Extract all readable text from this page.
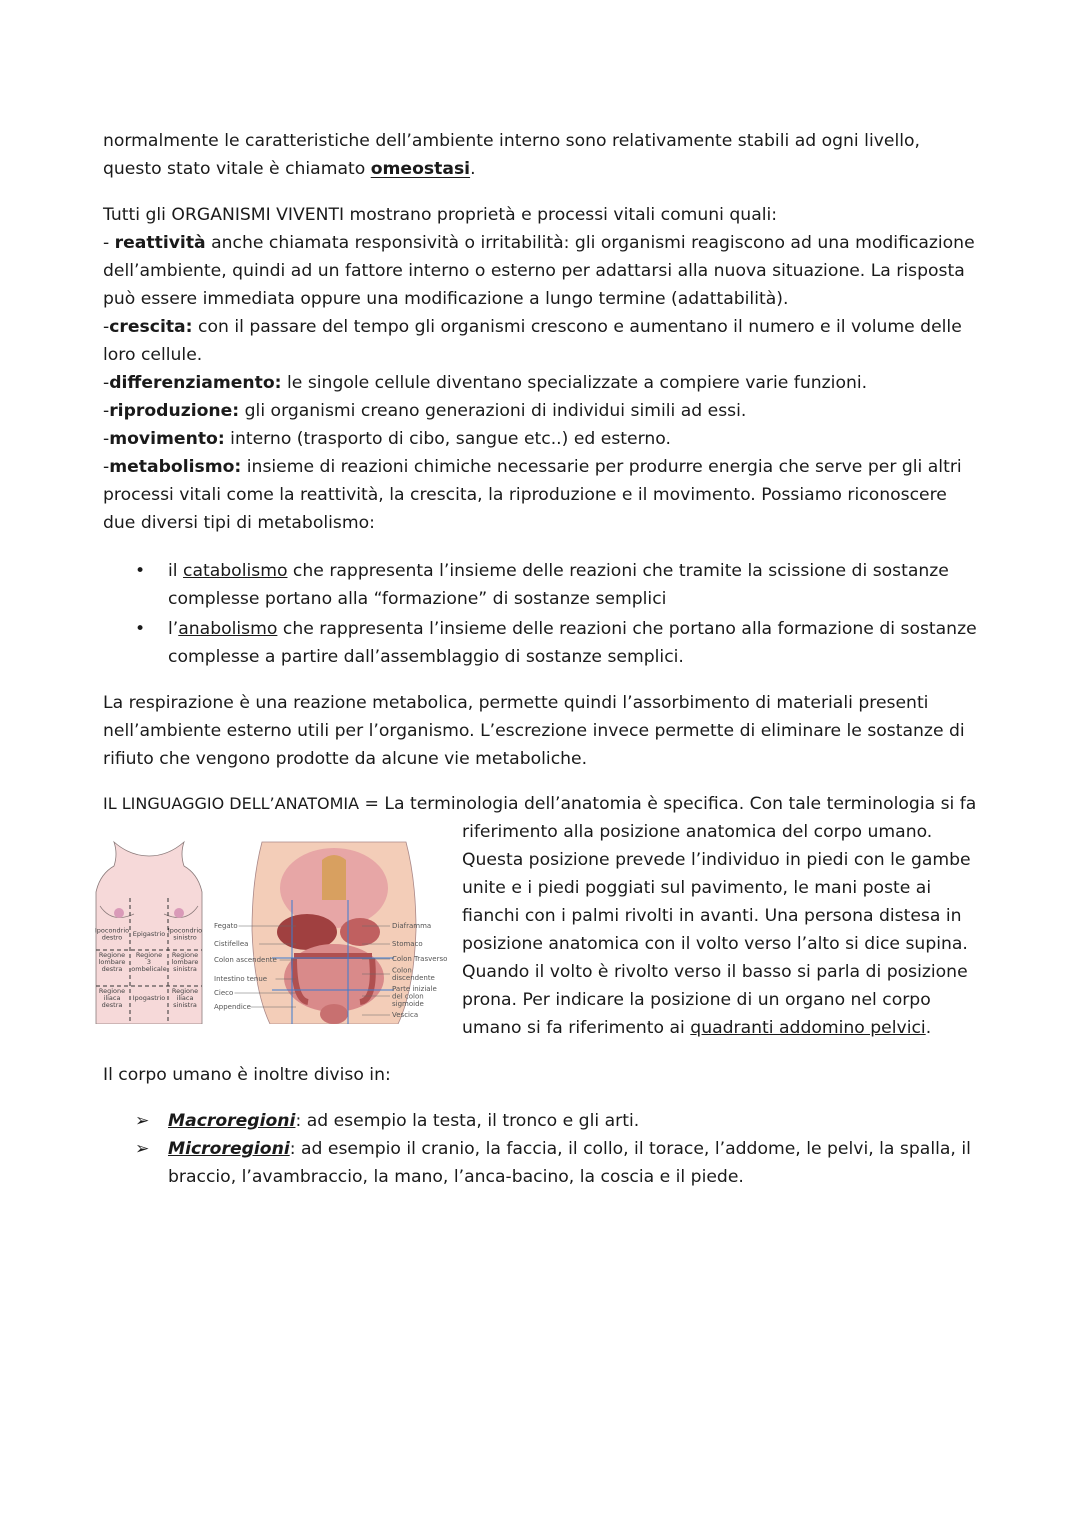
normalmente le caratteristiche dell’ambiente interno sono relativamente stabili ad ogni livello, questo stato vitale è chiamato omeostasi.

Tutti gli ORGANISMI VIVENTI mostrano proprietà e processi vitali comuni quali:
- reattività anche chiamata responsività o irritabilità: gli organismi reagiscono ad una modificazione dell’ambiente, quindi ad un fattore interno o esterno per adattarsi alla nuova situazione. La risposta può essere immediata oppure una modificazione a lungo termine (adattabilità).
-crescita: con il passare del tempo gli organismi crescono e aumentano il numero e il volume delle loro cellule.
-differenziamento: le singole cellule diventano specializzate a compiere varie funzioni.
-riproduzione: gli organismi creano generazioni di individui simili ad essi.
-movimento: interno (trasporto di cibo, sangue etc..) ed esterno.
-metabolismo: insieme di reazioni chimiche necessarie per produrre energia che serve per gli altri processi vitali come la reattività, la crescita, la riproduzione e il movimento. Possiamo riconoscere due diversi tipi di metabolismo:
• il catabolismo che rappresenta l’insieme delle reazioni che tramite la scissione di sostanze complesse portano alla “formazione” di sostanze semplici
• l’anabolismo che rappresenta l’insieme delle reazioni che portano alla formazione di sostanze complesse a partire dall’assemblaggio di sostanze semplici.

La respirazione è una reazione metabolica, permette quindi l’assorbimento di materiali presenti nell’ambiente esterno utili per l’organismo. L’escrezione invece permette di eliminare le sostanze di rifiuto che vengono prodotte da alcune vie metaboliche.

IL LINGUAGGIO DELL’ANATOMIA = La terminologia dell’anatomia è specifica. Con tale terminologia si fa

riferimento alla posizione anatomica del corpo umano. Questa posizione prevede l’individuo in piedi con le gambe unite e i piedi poggiati sul pavimento, le mani poste ai fianchi con i palmi rivolti in avanti. Una persona distesa in posizione anatomica con il volto verso l’alto si dice supina. Quando il volto è rivolto verso il basso si parla di posizione prona. Per indicare la posizione di un organo nel corpo umano si fa riferimento ai quadranti addomino pelvici.

Ipocondrio destro	Epigastrio Ipocondrio sinistro
Regione lombare destra
Regione 3 ombelicale
Regione lombare sinistra
Regione iliaca destra
Ipogastrio
Regione iliaca sinistra
Fegato
Cistifellea
Colon ascendente
Intestino tenue
Cieco
Appendice
Diaframma
Stomaco
Colon Trasverso
Colon discendente
Parte iniziale del colon sigmoide
Vescica

Il corpo umano è inoltre diviso in:

➢ Macroregioni: ad esempio la testa, il tronco e gli arti.
➢ Microregioni: ad esempio il cranio, la faccia, il collo, il torace, l’addome, le pelvi, la spalla, il braccio, l’avambraccio, la mano, l’anca-bacino, la coscia e il piede.
